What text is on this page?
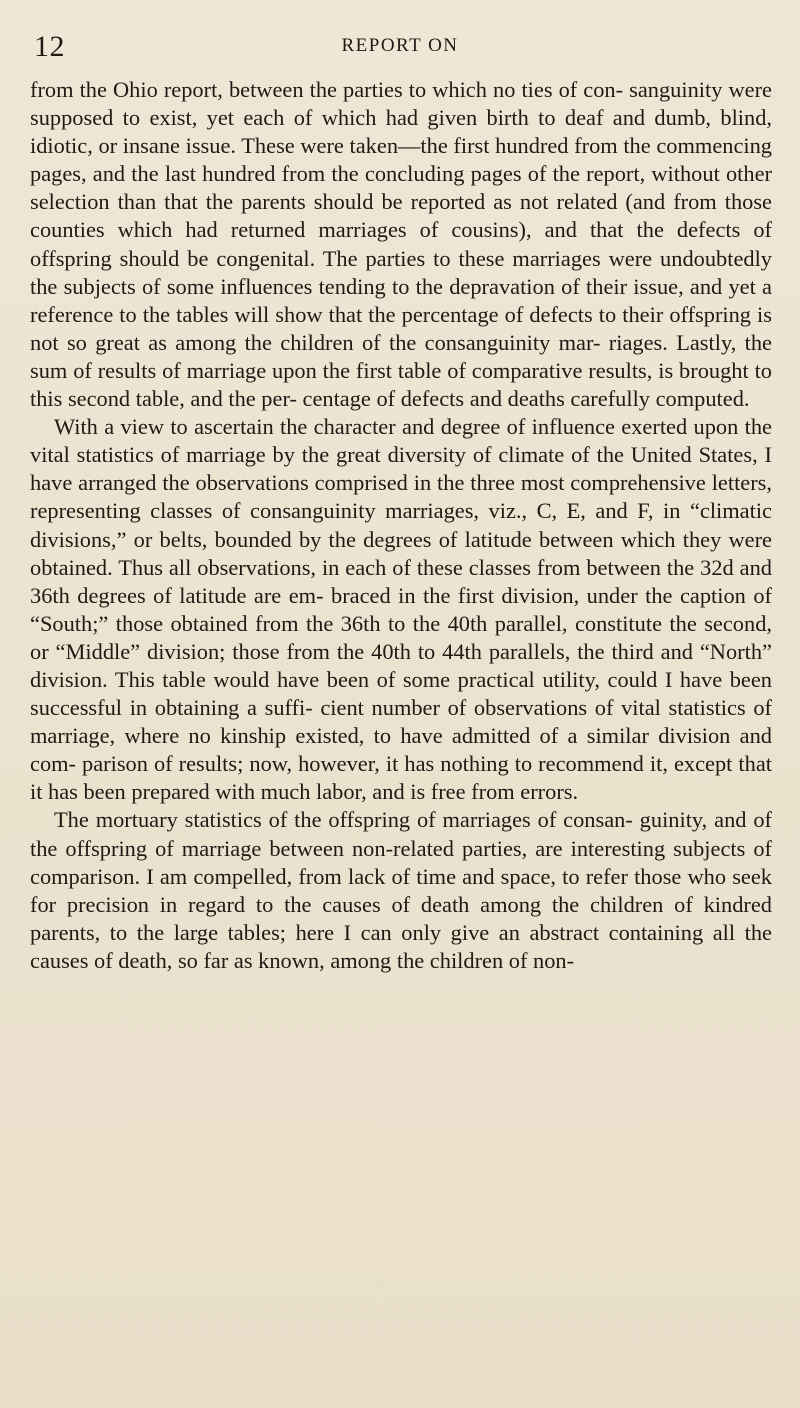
12	REPORT ON

from the Ohio report, between the parties to which no ties of con- sanguinity were supposed to exist, yet each of which had given birth to deaf and dumb, blind, idiotic, or insane issue. These were taken—the first hundred from the commencing pages, and the last hundred from the concluding pages of the report, without other selection than that the parents should be reported as not related (and from those counties which had returned marriages of cousins), and that the defects of offspring should be congenital. The parties to these marriages were undoubtedly the subjects of some influences tending to the depravation of their issue, and yet a reference to the tables will show that the percentage of defects to their offspring is not so great as among the children of the consanguinity mar- riages. Lastly, the sum of results of marriage upon the first table of comparative results, is brought to this second table, and the per- centage of defects and deaths carefully computed.

With a view to ascertain the character and degree of influence exerted upon the vital statistics of marriage by the great diversity of climate of the United States, I have arranged the observations comprised in the three most comprehensive letters, representing classes of consanguinity marriages, viz., C, E, and F, in “climatic divisions,” or belts, bounded by the degrees of latitude between which they were obtained. Thus all observations, in each of these classes from between the 32d and 36th degrees of latitude are em- braced in the first division, under the caption of “South;” those obtained from the 36th to the 40th parallel, constitute the second, or “Middle” division; those from the 40th to 44th parallels, the third and “North” division. This table would have been of some practical utility, could I have been successful in obtaining a suffi- cient number of observations of vital statistics of marriage, where no kinship existed, to have admitted of a similar division and com- parison of results; now, however, it has nothing to recommend it, except that it has been prepared with much labor, and is free from errors.

The mortuary statistics of the offspring of marriages of consan- guinity, and of the offspring of marriage between non-related parties, are interesting subjects of comparison. I am compelled, from lack of time and space, to refer those who seek for precision in regard to the causes of death among the children of kindred parents, to the large tables; here I can only give an abstract containing all the causes of death, so far as known, among the children of non-
